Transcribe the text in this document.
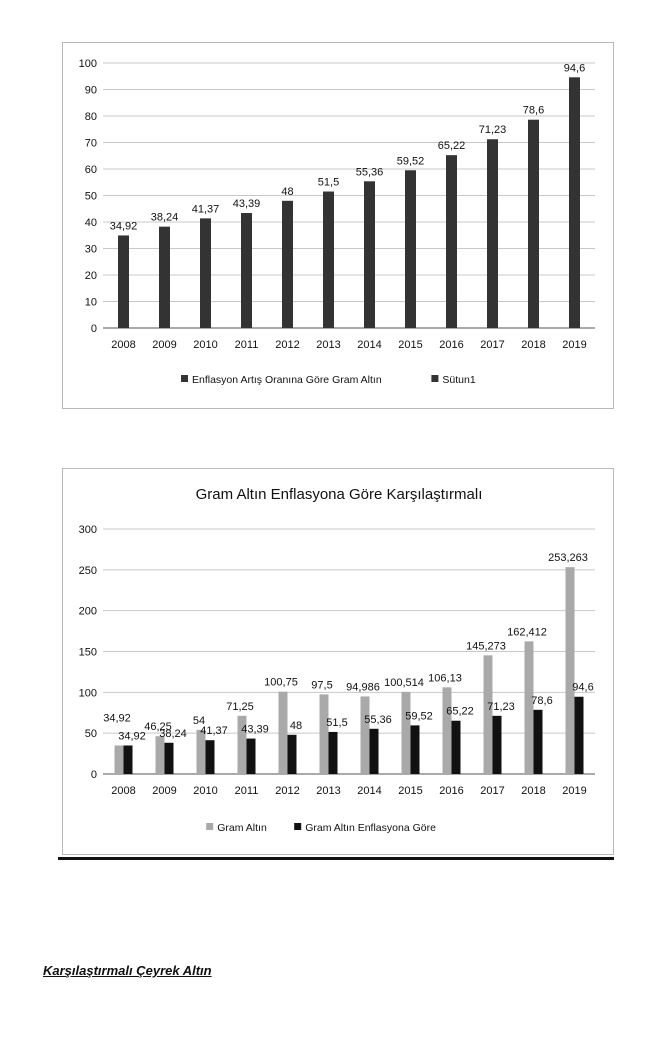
0
10
20
30
40
50
60
70
80
90
100
34,92
38,24
41,37 43,39
48
51,5
55,36
59,52
65,22
71,23
78,6
94,6
2008 2009 2010 2011 2012 2013 2014 2015 2016 2017 2018 2019
Enflasyon Artış Oranına Göre Gram Altın	Sütun1
Gram Altın Enflasyona Göre Karşılaştırmalı
0
50
100
150
200
250
300
34,92
46,25
54
71,25
100,75 97,5 94,986 100,514 106,13
145,273
162,412
253,263
34,92 38,24 41,37 43,39 48 51,5 55,36 59,52 65,22 71,23
78,6
94,6
2008 2009 2010 2011 2012 2013 2014 2015 2016 2017 2018 2019
Gram Altın	Gram Altın Enflasyona Göre
Karşılaştırmalı Çeyrek Altın
